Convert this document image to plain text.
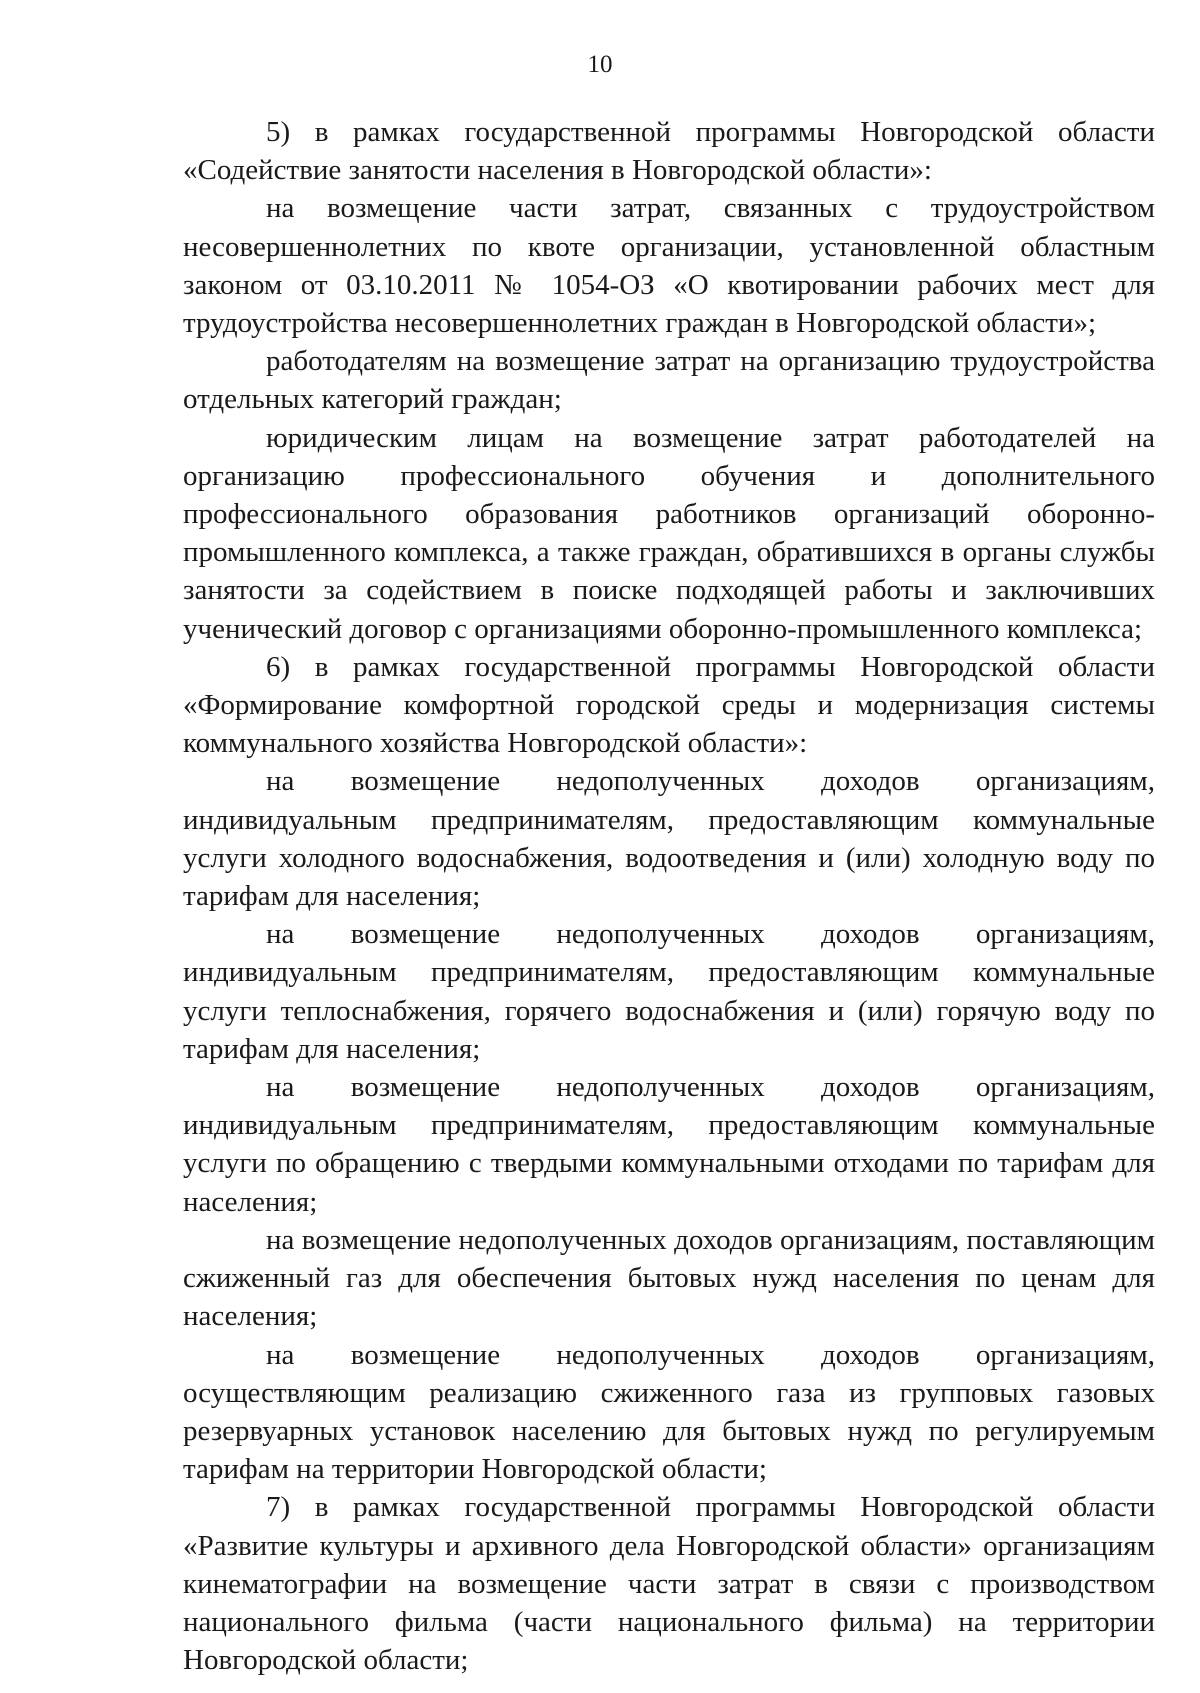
10

5) в рамках государственной программы Новгородской области «Содействие занятости населения в Новгородской области»:

на возмещение части затрат, связанных с трудоустройством несовершеннолетних по квоте организации, установленной областным законом от 03.10.2011 № 1054-ОЗ «О квотировании рабочих мест для трудоустройства несовершеннолетних граждан в Новгородской области»;

работодателям на возмещение затрат на организацию трудоустройства отдельных категорий граждан;

юридическим лицам на возмещение затрат работодателей на организацию профессионального обучения и дополнительного профессионального образования работников организаций оборонно-промышленного комплекса, а также граждан, обратившихся в органы службы занятости за содействием в поиске подходящей работы и заключивших ученический договор с организациями оборонно-промышленного комплекса;

6) в рамках государственной программы Новгородской области «Формирование комфортной городской среды и модернизация системы коммунального хозяйства Новгородской области»:

на возмещение недополученных доходов организациям, индивидуальным предпринимателям, предоставляющим коммунальные услуги холодного водоснабжения, водоотведения и (или) холодную воду по тарифам для населения;

на возмещение недополученных доходов организациям, индивидуальным предпринимателям, предоставляющим коммунальные услуги теплоснабжения, горячего водоснабжения и (или) горячую воду по тарифам для населения;

на возмещение недополученных доходов организациям, индивидуальным предпринимателям, предоставляющим коммунальные услуги по обращению с твердыми коммунальными отходами по тарифам для населения;

на возмещение недополученных доходов организациям, поставляющим сжиженный газ для обеспечения бытовых нужд населения по ценам для населения;

на возмещение недополученных доходов организациям, осуществляющим реализацию сжиженного газа из групповых газовых резервуарных установок населению для бытовых нужд по регулируемым тарифам на территории Новгородской области;

7) в рамках государственной программы Новгородской области «Развитие культуры и архивного дела Новгородской области» организациям кинематографии на возмещение части затрат в связи с производством национального фильма (части национального фильма) на территории Новгородской области;
